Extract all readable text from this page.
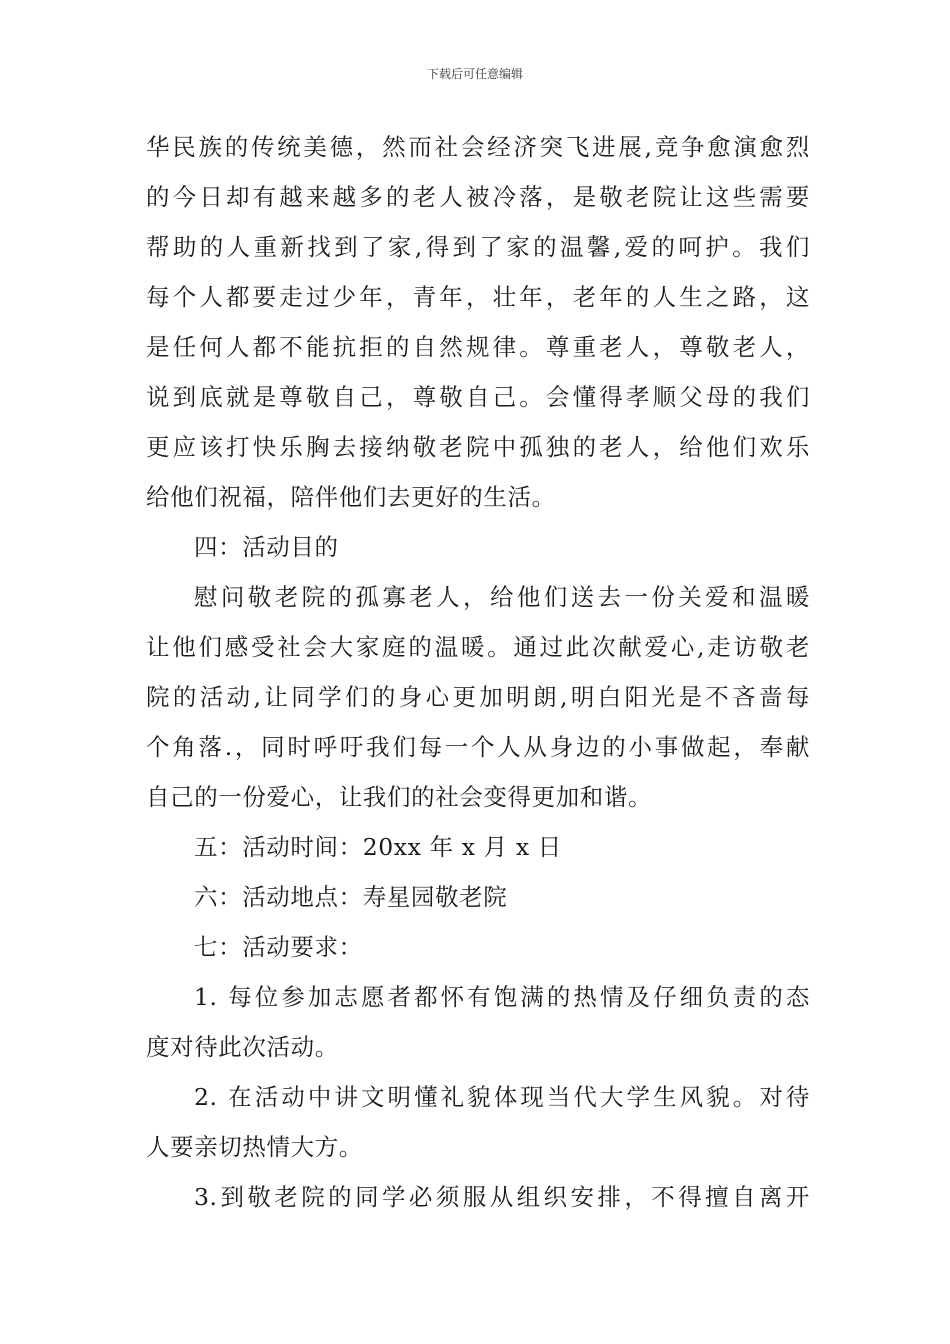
下载后可任意编辑

华民族的传统美德，然而社会经济突飞进展,竞争愈演愈烈
的今日却有越来越多的老人被冷落，是敬老院让这些需要
帮助的人重新找到了家,得到了家的温馨,爱的呵护。我们
每个人都要走过少年，青年，壮年，老年的人生之路，这
是任何人都不能抗拒的自然规律。尊重老人，尊敬老人，
说到底就是尊敬自己，尊敬自己。会懂得孝顺父母的我们
更应该打快乐胸去接纳敬老院中孤独的老人，给他们欢乐
给他们祝福，陪伴他们去更好的生活。

四：活动目的

慰问敬老院的孤寡老人，给他们送去一份关爱和温暖
让他们感受社会大家庭的温暖。通过此次献爱心,走访敬老
院的活动,让同学们的身心更加明朗,明白阳光是不吝啬每
个角落.，同时呼吁我们每一个人从身边的小事做起，奉献
自己的一份爱心，让我们的社会变得更加和谐。

五：活动时间：20xx 年 x 月 x 日

六：活动地点：寿星园敬老院

七：活动要求：

1. 每位参加志愿者都怀有饱满的热情及仔细负责的态
度对待此次活动。

2. 在活动中讲文明懂礼貌体现当代大学生风貌。对待
人要亲切热情大方。

3.到敬老院的同学必须服从组织安排，不得擅自离开
